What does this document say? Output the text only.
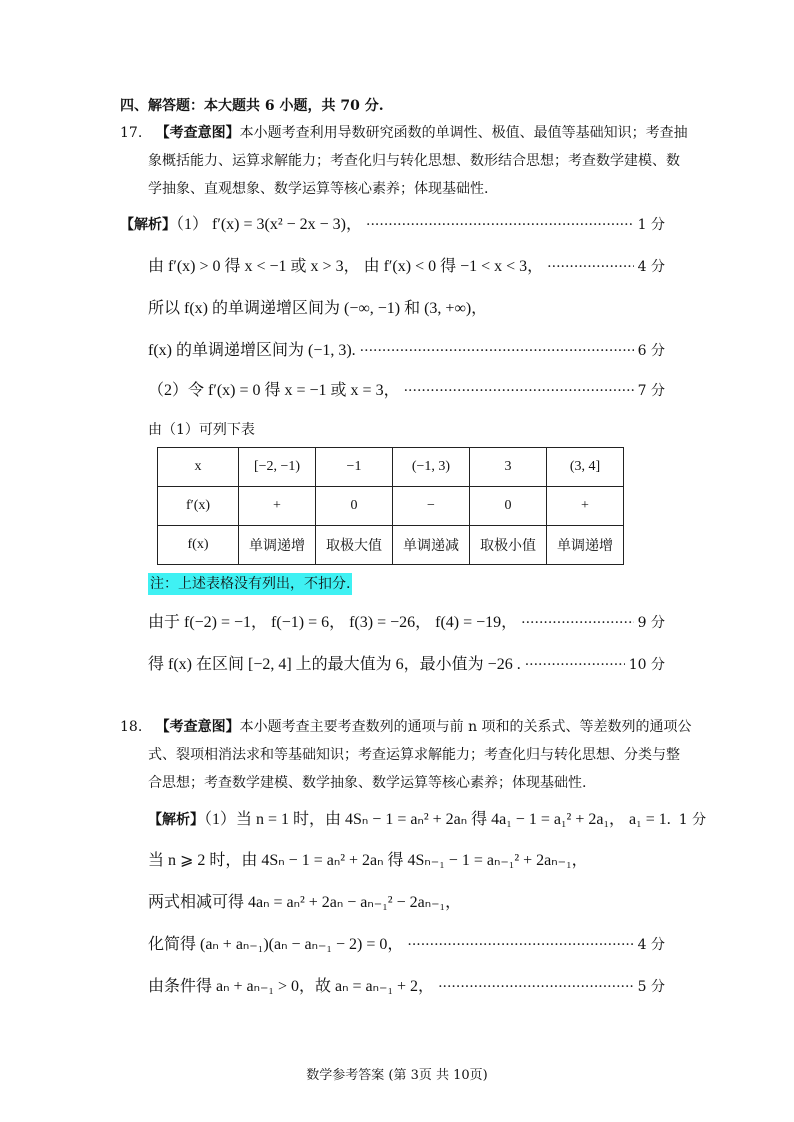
四、解答题：本大题共 6 小题，共 70 分.
17. 【考查意图】本小题考查利用导数研究函数的单调性、极值、最值等基础知识；考查抽
象概括能力、运算求解能力；考查化归与转化思想、数形结合思想；考查数学建模、数
学抽象、直观想象、数学运算等核心素养；体现基础性.
【解析】（1） f′(x) = 3(x² − 2x − 3)， ·····	1 分
由 f′(x) > 0 得 x < −1 或 x > 3， 由 f′(x) < 0 得 −1 < x < 3， ·····	4 分
所以 f(x) 的单调递增区间为 (−∞, −1) 和 (3, +∞)，
f(x) 的单调递增区间为 (−1, 3). ·····	6 分
（2）令 f′(x) = 0 得 x = −1 或 x = 3， ·····	7 分
由（1）可列下表
x	[−2, −1)	−1	(−1, 3)	3	(3, 4]
f′(x)	+	0	−	0	+
f(x)	单调递增	取极大值	单调递减	取极小值	单调递增
注：上述表格没有列出，不扣分.
由于 f(−2) = −1， f(−1) = 6， f(3) = −26， f(4) = −19， ·····	9 分
得 f(x) 在区间 [−2, 4] 上的最大值为 6，最小值为 −26 . ·····	10 分
18. 【考查意图】本小题考查主要考查数列的通项与前 n 项和的关系式、等差数列的通项公
式、裂项相消法求和等基础知识；考查运算求解能力；考查化归与转化思想、分类与整
合思想；考查数学建模、数学抽象、数学运算等核心素养；体现基础性.
【解析】（1）当 n = 1 时，由 4Sₙ − 1 = aₙ² + 2aₙ 得 4a₁ − 1 = a₁² + 2a₁， a₁ = 1. 1 分
当 n ⩾ 2 时，由 4Sₙ − 1 = aₙ² + 2aₙ 得 4Sₙ₋₁ − 1 = aₙ₋₁² + 2aₙ₋₁，
两式相减可得 4aₙ = aₙ² + 2aₙ − aₙ₋₁² − 2aₙ₋₁，
化简得 (aₙ + aₙ₋₁)(aₙ − aₙ₋₁ − 2) = 0， ·····	4 分
由条件得 aₙ + aₙ₋₁ > 0，故 aₙ = aₙ₋₁ + 2， ·····	5 分
数学参考答案 (第 3页 共 10页)
